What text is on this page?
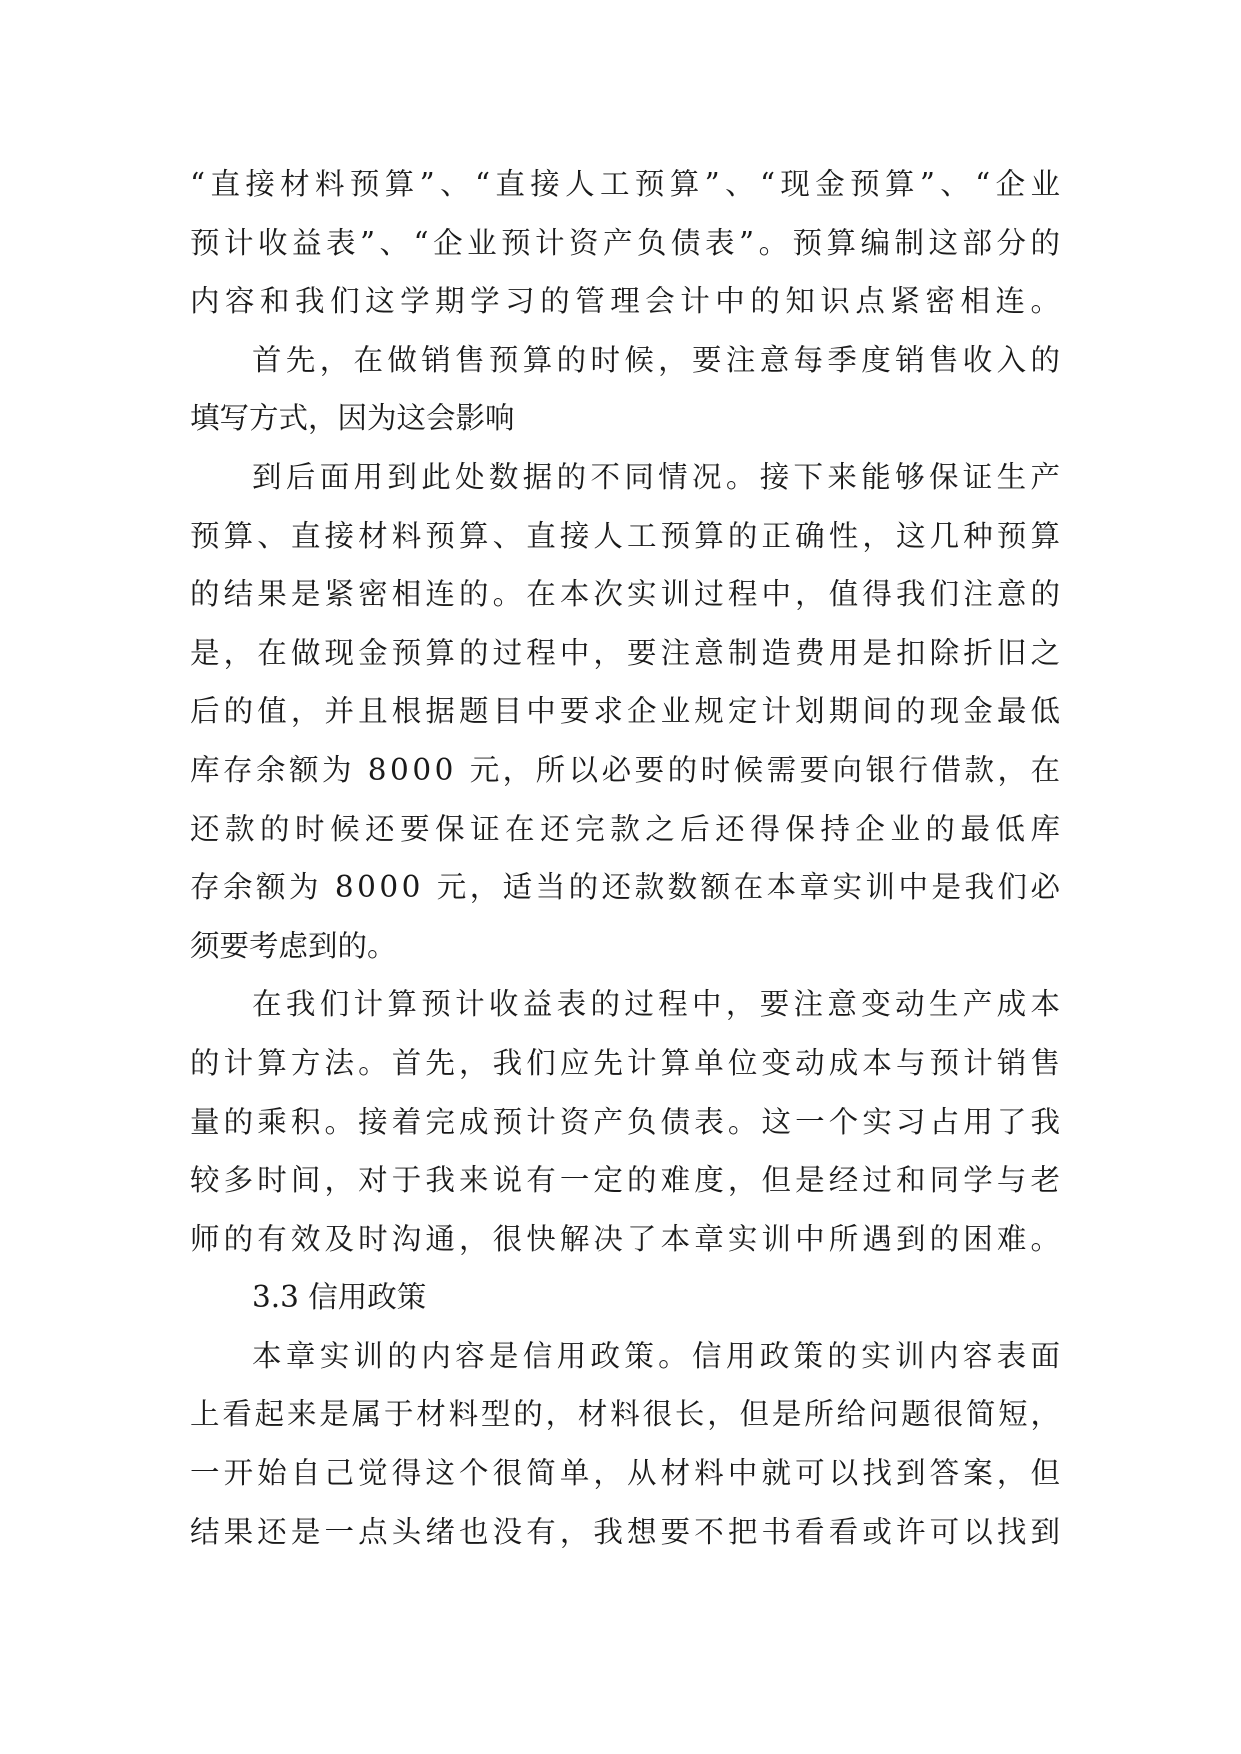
“直接材料预算”、“直接人工预算”、“现金预算”、“企业
预计收益表”、“企业预计资产负债表”。预算编制这部分的
内容和我们这学期学习的管理会计中的知识点紧密相连。
首先，在做销售预算的时候，要注意每季度销售收入的
填写方式，因为这会影响
到后面用到此处数据的不同情况。接下来能够保证生产
预算、直接材料预算、直接人工预算的正确性，这几种预算
的结果是紧密相连的。在本次实训过程中，值得我们注意的
是，在做现金预算的过程中，要注意制造费用是扣除折旧之
后的值，并且根据题目中要求企业规定计划期间的现金最低
库存余额为 8000 元，所以必要的时候需要向银行借款，在
还款的时候还要保证在还完款之后还得保持企业的最低库
存余额为 8000 元，适当的还款数额在本章实训中是我们必
须要考虑到的。
在我们计算预计收益表的过程中，要注意变动生产成本
的计算方法。首先，我们应先计算单位变动成本与预计销售
量的乘积。接着完成预计资产负债表。这一个实习占用了我
较多时间，对于我来说有一定的难度，但是经过和同学与老
师的有效及时沟通，很快解决了本章实训中所遇到的困难。
3.3 信用政策
本章实训的内容是信用政策。信用政策的实训内容表面
上看起来是属于材料型的，材料很长，但是所给问题很简短，
一开始自己觉得这个很简单，从材料中就可以找到答案，但
结果还是一点头绪也没有，我想要不把书看看或许可以找到
